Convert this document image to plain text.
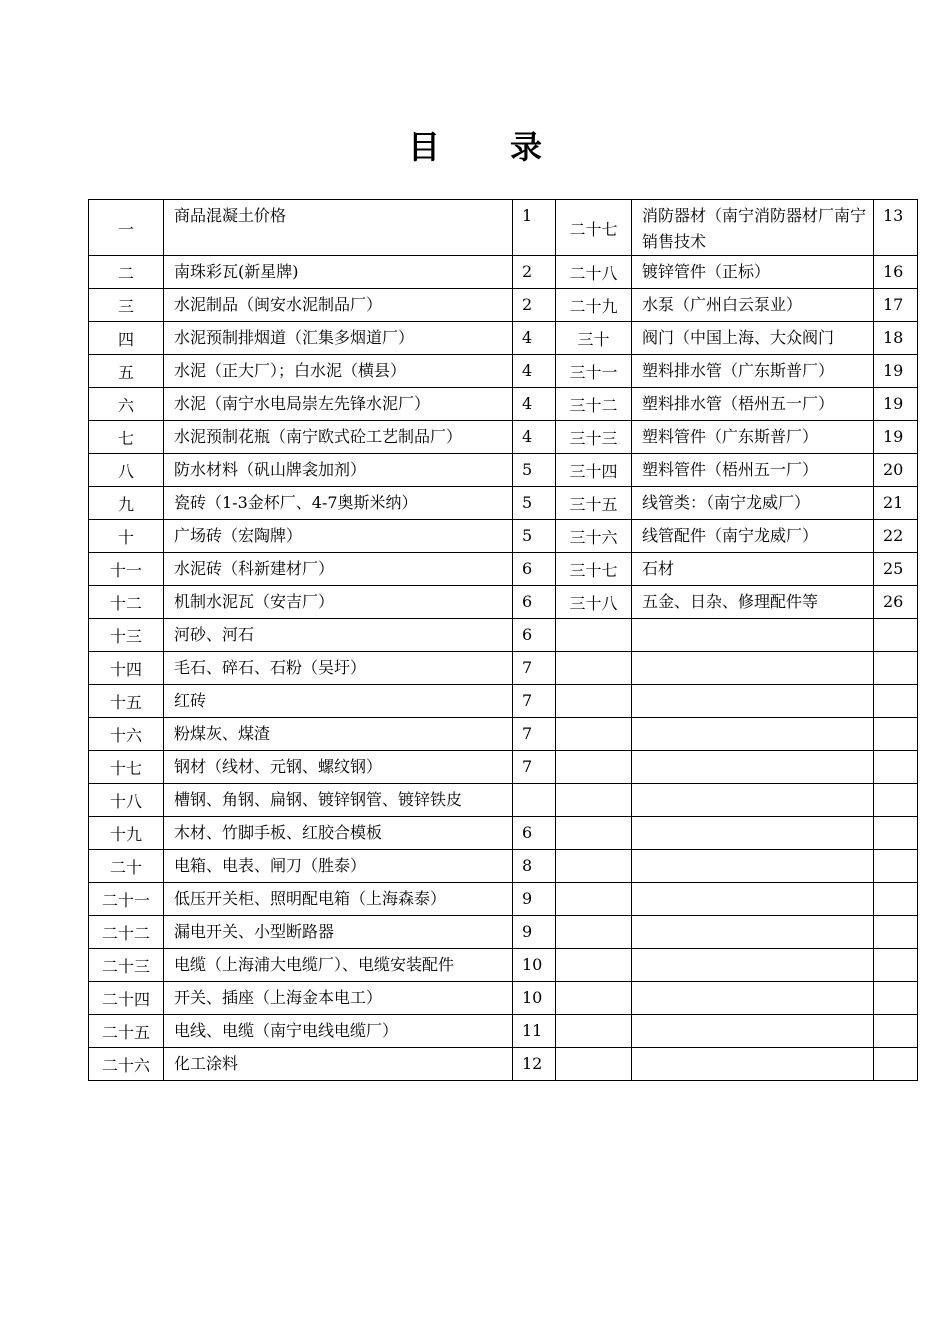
目 录
一	商品混凝土价格	1	二十七	消防器材（南宁消防器材厂南宁销售技术	13
二	南珠彩瓦(新星牌)	2	二十八	镀锌管件（正标）	16
三	水泥制品（闽安水泥制品厂）	2	二十九	水泵（广州白云泵业）	17
四	水泥预制排烟道（汇集多烟道厂）	4	三十	阀门（中国上海、大众阀门	18
五	水泥（正大厂）；白水泥（横县）	4	三十一	塑料排水管（广东斯普厂）	19
六	水泥（南宁水电局崇左先锋水泥厂）	4	三十二	塑料排水管（梧州五一厂）	19
七	水泥预制花瓶（南宁欧式砼工艺制品厂）	4	三十三	塑料管件（广东斯普厂）	19
八	防水材料（矾山牌衾加剂）	5	三十四	塑料管件（梧州五一厂）	20
九	瓷砖（1-3金杯厂、4-7奥斯米纳）	5	三十五	线管类：（南宁龙威厂）	21
十	广场砖（宏陶牌）	5	三十六	线管配件（南宁龙威厂）	22
十一	水泥砖（科新建材厂）	6	三十七	石材	25
十二	机制水泥瓦（安吉厂）	6	三十八	五金、日杂、修理配件等	26
十三	河砂、河石	6			
十四	毛石、碎石、石粉（吴圩）	7			
十五	红砖	7			
十六	粉煤灰、煤渣	7			
十七	钢材（线材、元钢、螺纹钢）	7			
十八	槽钢、角钢、扁钢、镀锌钢管、镀锌铁皮				
十九	木材、竹脚手板、红胶合模板	6			
二十	电箱、电表、闸刀（胜泰）	8			
二十一	低压开关柜、照明配电箱（上海森泰）	9			
二十二	漏电开关、小型断路器	9			
二十三	电缆（上海浦大电缆厂）、电缆安装配件	10			
二十四	开关、插座（上海金本电工）	10			
二十五	电线、电缆（南宁电线电缆厂）	11			
二十六	化工涂料	12			
